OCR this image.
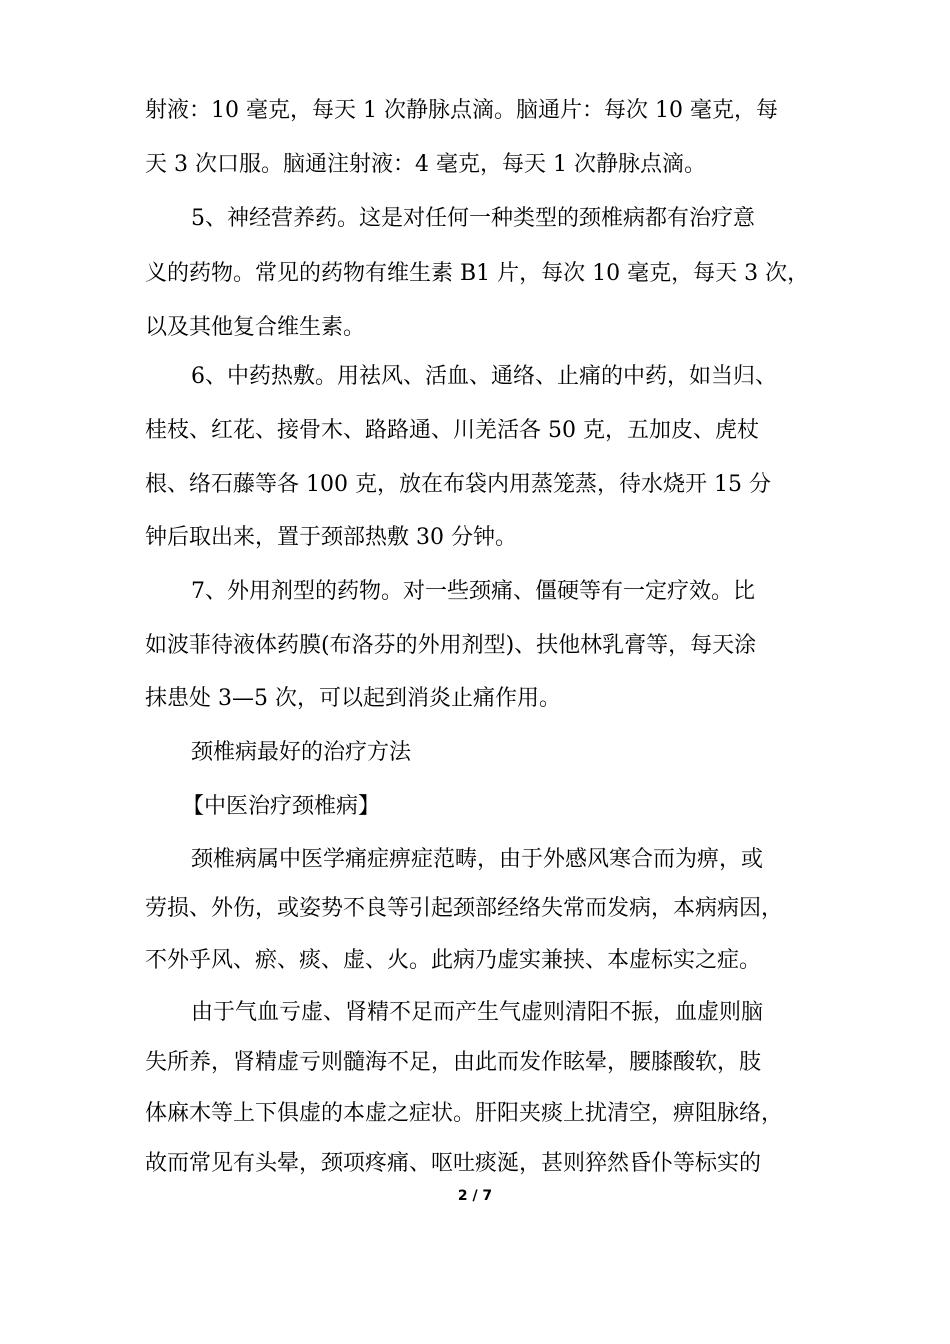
射液：10 毫克，每天 1 次静脉点滴。脑通片：每次 10 毫克，每
天 3 次口服。脑通注射液：4 毫克，每天 1 次静脉点滴。
5、神经营养药。这是对任何一种类型的颈椎病都有治疗意
义的药物。常见的药物有维生素 B1 片，每次 10 毫克，每天 3 次，
以及其他复合维生素。
6、中药热敷。用祛风、活血、通络、止痛的中药，如当归、
桂枝、红花、接骨木、路路通、川羌活各 50 克，五加皮、虎杖
根、络石藤等各 100 克，放在布袋内用蒸笼蒸，待水烧开 15 分
钟后取出来，置于颈部热敷 30 分钟。
7、外用剂型的药物。对一些颈痛、僵硬等有一定疗效。比
如波菲待液体药膜(布洛芬的外用剂型)、扶他林乳膏等，每天涂
抹患处 3—5 次，可以起到消炎止痛作用。
颈椎病最好的治疗方法
【中医治疗颈椎病】
颈椎病属中医学痛症痹症范畴，由于外感风寒合而为痹，或
劳损、外伤，或姿势不良等引起颈部经络失常而发病，本病病因，
不外乎风、瘀、痰、虚、火。此病乃虚实兼挟、本虚标实之症。
由于气血亏虚、肾精不足而产生气虚则清阳不振，血虚则脑
失所养，肾精虚亏则髓海不足，由此而发作眩晕，腰膝酸软，肢
体麻木等上下俱虚的本虚之症状。肝阳夹痰上扰清空，痹阻脉络，
故而常见有头晕，颈项疼痛、呕吐痰涎，甚则猝然昏仆等标实的
2 / 7
